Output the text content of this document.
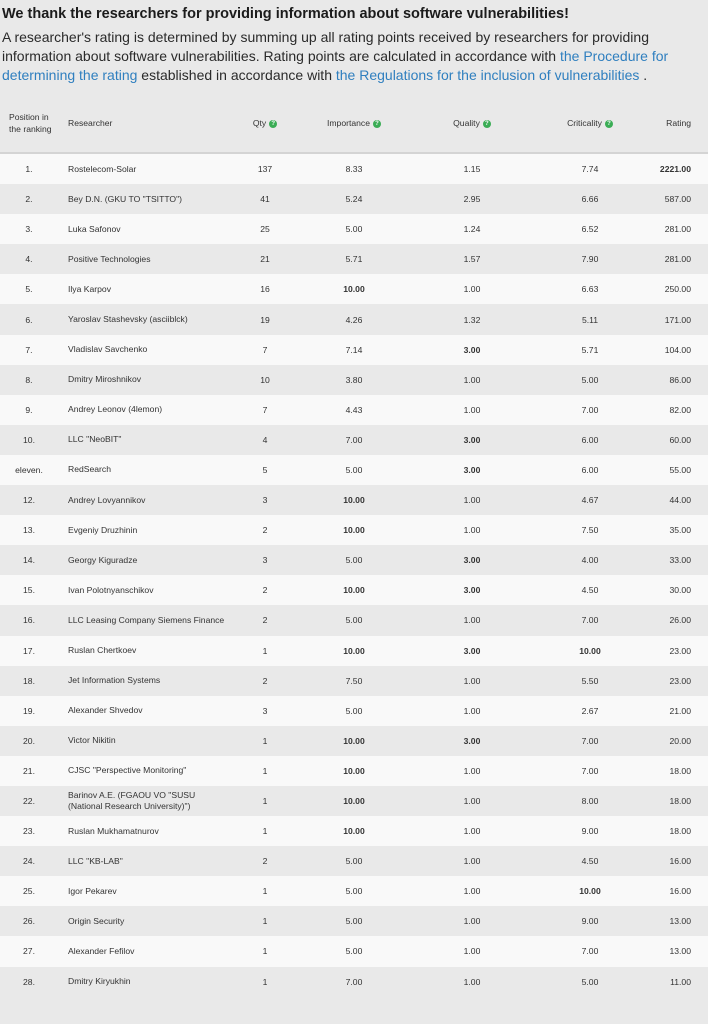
We thank the researchers for providing information about software vulnerabilities!

A researcher's rating is determined by summing up all rating points received by researchers for providing information about software vulnerabilities. Rating points are calculated in accordance with the Procedure for determining the rating established in accordance with the Regulations for the inclusion of vulnerabilities .

Position in the ranking	Researcher	Qty ?	Importance ?	Quality ?	Criticality ?	Rating
1.	Rostelecom-Solar	137	8.33	1.15	7.74	2221.00
2.	Bey D.N. (GKU TO "TSITTO")	41	5.24	2.95	6.66	587.00
3.	Luka Safonov	25	5.00	1.24	6.52	281.00
4.	Positive Technologies	21	5.71	1.57	7.90	281.00
5.	Ilya Karpov	16	10.00	1.00	6.63	250.00
6.	Yaroslav Stashevsky (asciiblck)	19	4.26	1.32	5.11	171.00
7.	Vladislav Savchenko	7	7.14	3.00	5.71	104.00
8.	Dmitry Miroshnikov	10	3.80	1.00	5.00	86.00
9.	Andrey Leonov (4lemon)	7	4.43	1.00	7.00	82.00
10.	LLC "NeoBIT"	4	7.00	3.00	6.00	60.00
eleven.	RedSearch	5	5.00	3.00	6.00	55.00
12.	Andrey Lovyannikov	3	10.00	1.00	4.67	44.00
13.	Evgeniy Druzhinin	2	10.00	1.00	7.50	35.00
14.	Georgy Kiguradze	3	5.00	3.00	4.00	33.00
15.	Ivan Polotnyanschikov	2	10.00	3.00	4.50	30.00
16.	LLC Leasing Company Siemens Finance	2	5.00	1.00	7.00	26.00
17.	Ruslan Chertkoev	1	10.00	3.00	10.00	23.00
18.	Jet Information Systems	2	7.50	1.00	5.50	23.00
19.	Alexander Shvedov	3	5.00	1.00	2.67	21.00
20.	Victor Nikitin	1	10.00	3.00	7.00	20.00
21.	CJSC "Perspective Monitoring"	1	10.00	1.00	7.00	18.00
22.	Barinov A.E. (FGAOU VO "SUSU (National Research University)")	1	10.00	1.00	8.00	18.00
23.	Ruslan Mukhamatnurov	1	10.00	1.00	9.00	18.00
24.	LLC "KB-LAB"	2	5.00	1.00	4.50	16.00
25.	Igor Pekarev	1	5.00	1.00	10.00	16.00
26.	Origin Security	1	5.00	1.00	9.00	13.00
27.	Alexander Fefilov	1	5.00	1.00	7.00	13.00
28.	Dmitry Kiryukhin	1	7.00	1.00	5.00	11.00
